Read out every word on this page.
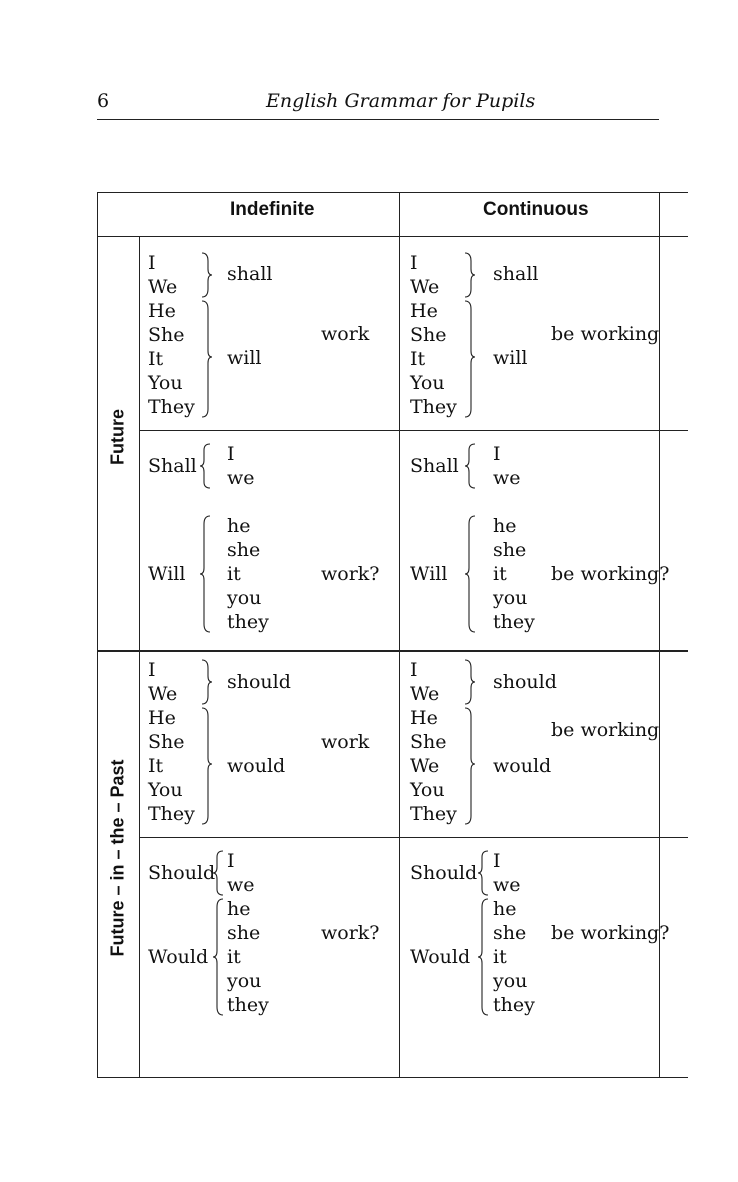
6	English Grammar for Pupils
Indefinite	Continuous
Future
Future – in – the – Past
I
We
He
She
It
You
They
shall
will
work
Shall
I
we
Will
he
she
it
you
they
work?
I
We
He
She
It
You
They
shall
will
be working
Shall
I
we
Will
he
she
it
you
they
be working?
I
We
He
She
It
You
They
should
would
work
Should
I
we
Would
he
she
it
you
they
work?
I
We
He
She
We
You
They
should
would
be working
Should
I
we
Would
he
she
it
you
they
be working?
